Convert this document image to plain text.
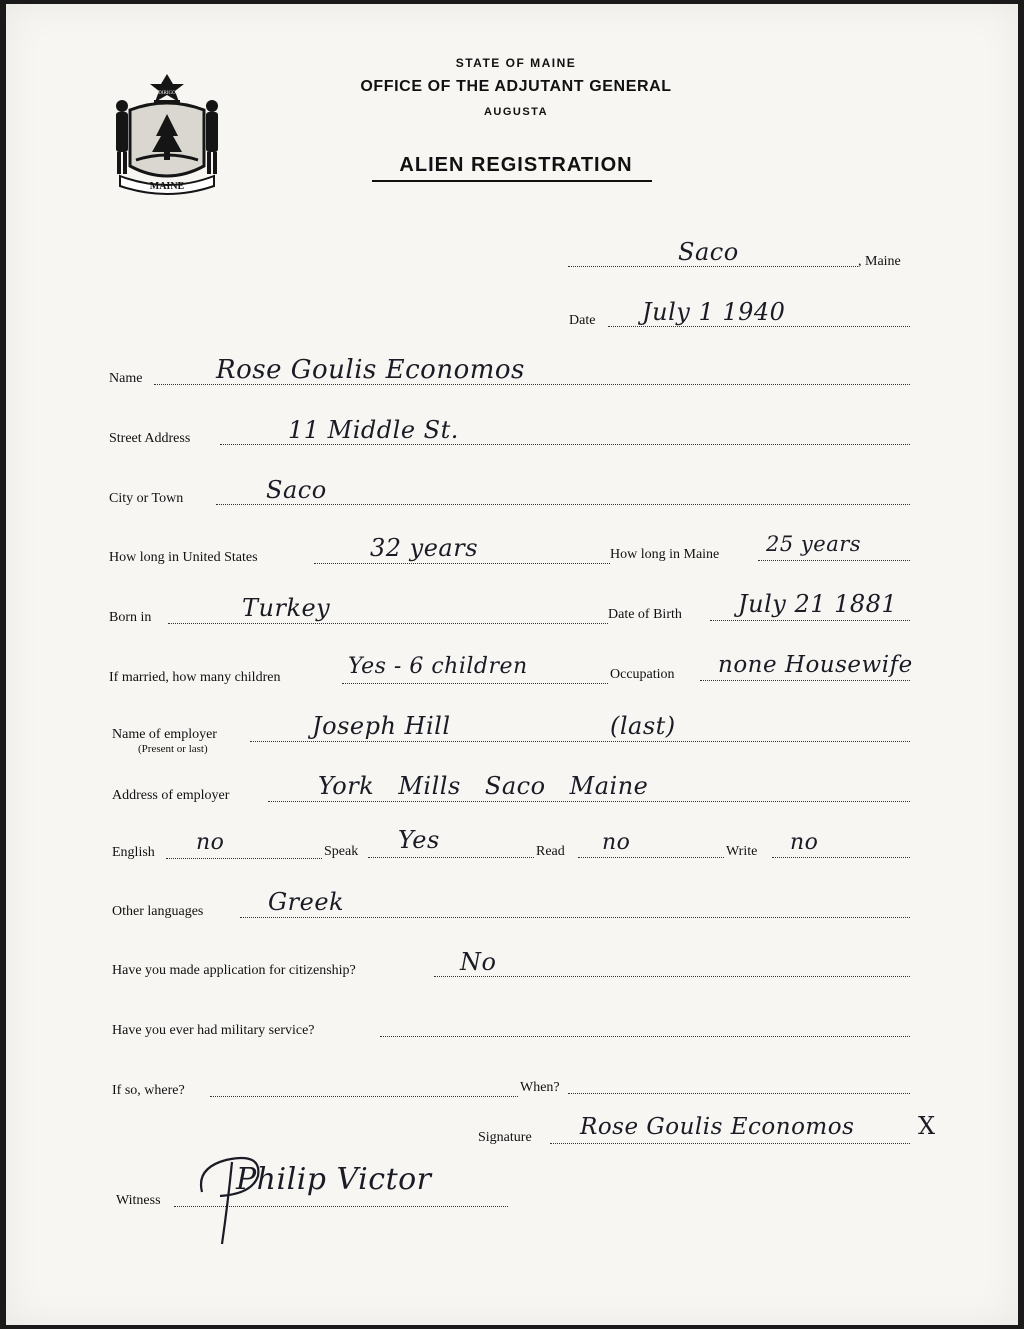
MAINE
DIRIGO
STATE OF MAINE
OFFICE OF THE ADJUTANT GENERAL
AUGUSTA
ALIEN REGISTRATION
Saco	, Maine
Date July 1 1940
Name	Rose Goulis Economos
Street Address	11 Middle St.
City or Town	Saco
How long in United States	32 years	How long in Maine 25 years
Born in	Turkey	Date of Birth July 21 1881
If married, how many children	Yes - 6 children	Occupation none Housewife
Name of employer
(Present or last)
Joseph Hill	(last)
Address of employer	York Mills Saco Maine
English no	Speak Yes	Read no	Write no
Other languages	Greek
Have you made application for citizenship?	No
Have you ever had military service?
If so, where?	When?
Signature Rose Goulis Economos	X
Witness
Philip Victor
